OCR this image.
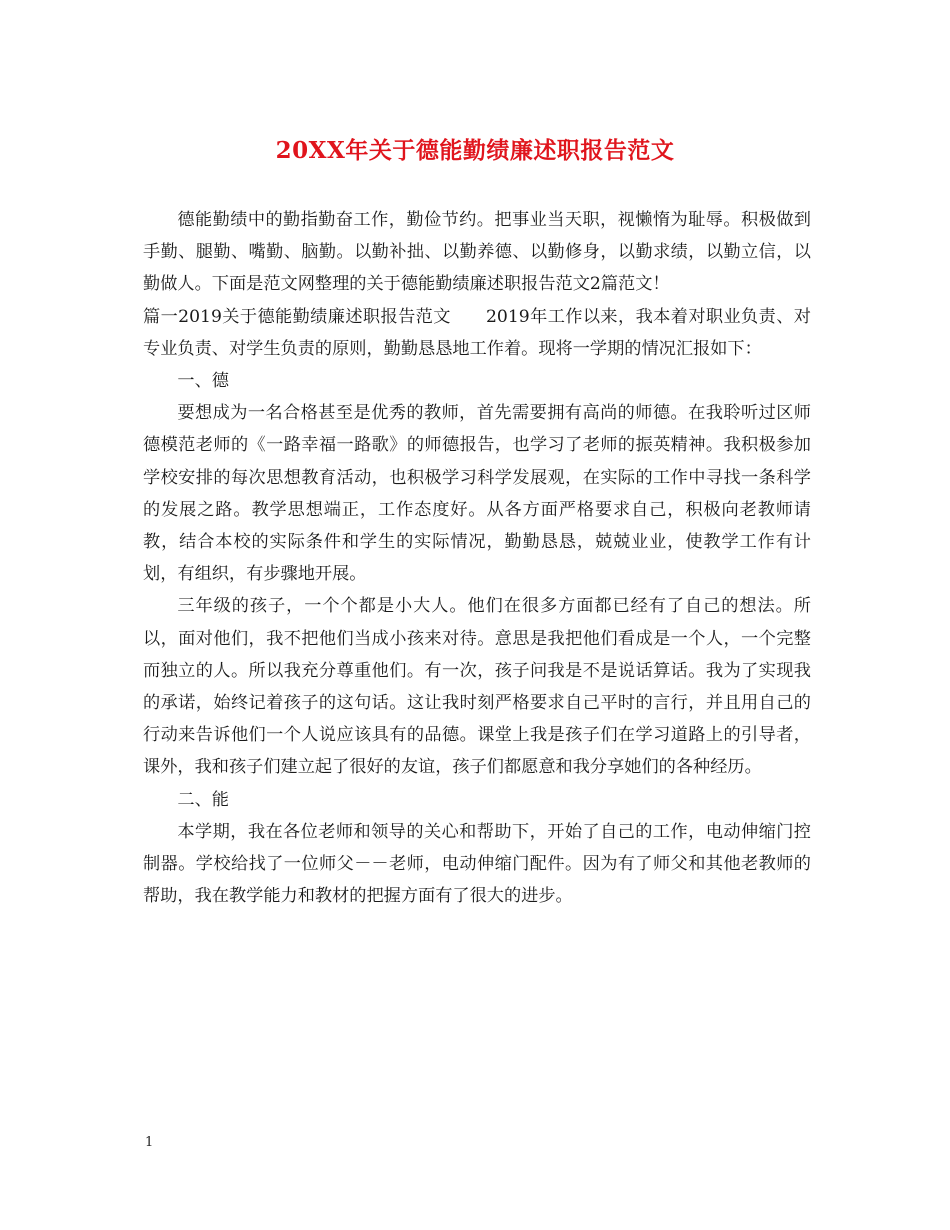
20XX年关于德能勤绩廉述职报告范文

德能勤绩中的勤指勤奋工作，勤俭节约。把事业当天职，视懒惰为耻辱。积极做到手勤、腿勤、嘴勤、脑勤。以勤补拙、以勤养德、以勤修身，以勤求绩，以勤立信，以勤做人。下面是范文网整理的关于德能勤绩廉述职报告范文2篇范文！

篇一2019关于德能勤绩廉述职报告范文　　2019年工作以来，我本着对职业负责、对专业负责、对学生负责的原则，勤勤恳恳地工作着。现将一学期的情况汇报如下：

一、德

要想成为一名合格甚至是优秀的教师，首先需要拥有高尚的师德。在我聆听过区师德模范老师的《一路幸福一路歌》的师德报告，也学习了老师的振英精神。我积极参加学校安排的每次思想教育活动，也积极学习科学发展观，在实际的工作中寻找一条科学的发展之路。教学思想端正，工作态度好。从各方面严格要求自己，积极向老教师请教，结合本校的实际条件和学生的实际情况，勤勤恳恳，兢兢业业，使教学工作有计划，有组织，有步骤地开展。

三年级的孩子，一个个都是小大人。他们在很多方面都已经有了自己的想法。所以，面对他们，我不把他们当成小孩来对待。意思是我把他们看成是一个人，一个完整而独立的人。所以我充分尊重他们。有一次，孩子问我是不是说话算话。我为了实现我的承诺，始终记着孩子的这句话。这让我时刻严格要求自己平时的言行，并且用自己的行动来告诉他们一个人说应该具有的品德。课堂上我是孩子们在学习道路上的引导者，课外，我和孩子们建立起了很好的友谊，孩子们都愿意和我分享她们的各种经历。

二、能

本学期，我在各位老师和领导的关心和帮助下，开始了自己的工作，电动伸缩门控制器。学校给找了一位师父－－老师，电动伸缩门配件。因为有了师父和其他老教师的帮助，我在教学能力和教材的把握方面有了很大的进步。

1
